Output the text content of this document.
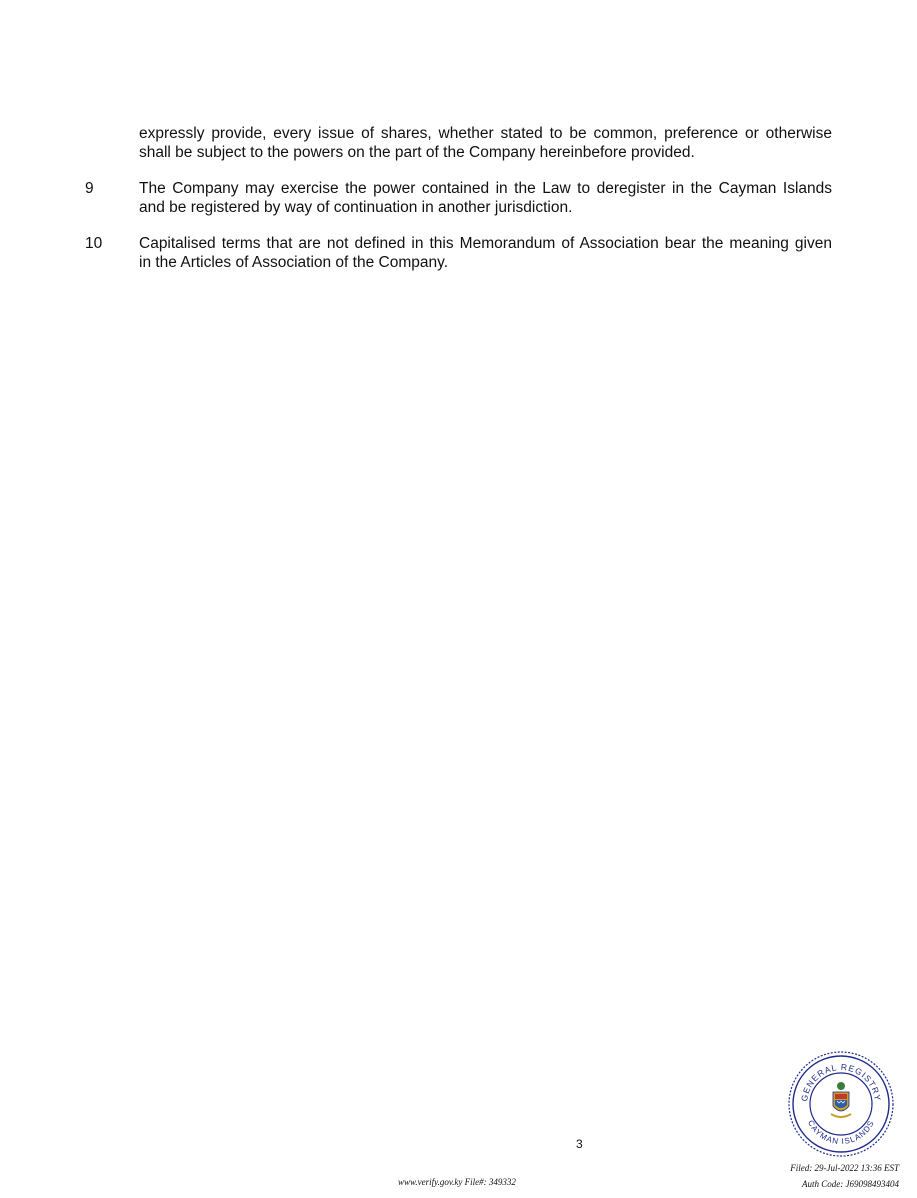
expressly provide, every issue of shares, whether stated to be common, preference or otherwise

shall be subject to the powers on the part of the Company hereinbefore provided.

9	The Company may exercise the power contained in the Law to deregister in the Cayman Islands

and be registered by way of continuation in another jurisdiction.

10 Capitalised terms that are not defined in this Memorandum of Association bear the meaning given

in the Articles of Association of the Company.

3
GENERAL REGISTRY
CAYMAN ISLANDS
www.verify.gov.ky File#: 349332
Filed: 29-Jul-2022 13:36 EST
Auth Code: J69098493404
